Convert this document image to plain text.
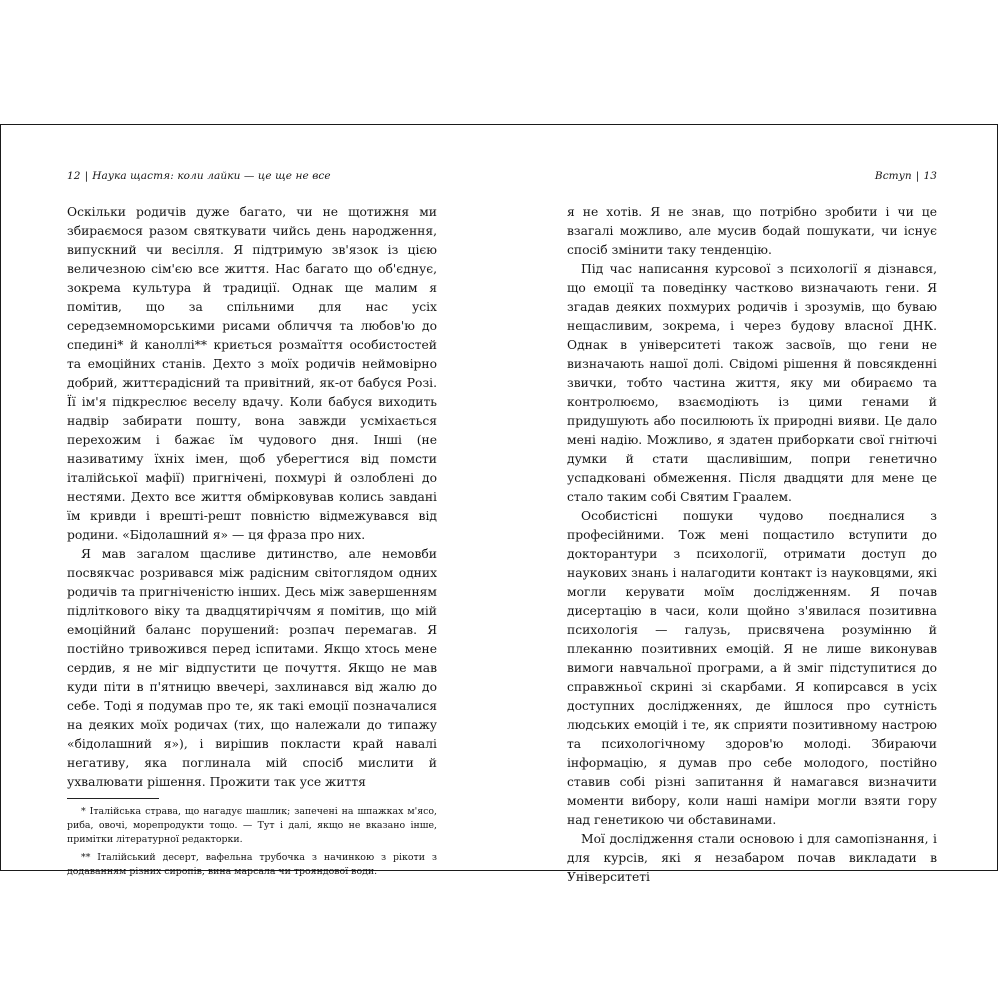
12 | Наука щастя: коли лайки — це ще не все

Оскільки родичів дуже багато, чи не щотижня ми збираємося разом святкувати чийсь день народження, випускний чи весілля. Я підтримую зв'язок із цією величезною сім'єю все життя. Нас багато що об'єднує, зокрема культура й традиції. Однак ще малим я помітив, що за спільними для нас усіх середземноморськими рисами обличчя та любов'ю до спедині* й каноллі** криється розмаїття особистостей та емоційних станів. Дехто з моїх родичів неймовірно добрий, життєрадісний та привітний, як-от бабуся Розі. Її ім'я підкреслює веселу вдачу. Коли бабуся виходить надвір забирати пошту, вона завжди усміхається перехожим і бажає їм чудового дня. Інші (не називатиму їхніх імен, щоб уберегтися від помсти італійської мафії) пригнічені, похмурі й озлоблені до нестями. Дехто все життя обмірковував колись завдані їм кривди і врешті-решт повністю відмежувався від родини. «Бідолашний я» — ця фраза про них.

Я мав загалом щасливе дитинство, але немовби посвякчас розривався між радісним світоглядом одних родичів та пригніченістю інших. Десь між завершенням підліткового віку та двадцятиріччям я помітив, що мій емоційний баланс порушений: розпач перемагав. Я постійно тривожився перед іспитами. Якщо хтось мене сердив, я не міг відпустити це почуття. Якщо не мав куди піти в п'ятницю ввечері, захлинався від жалю до себе. Тоді я подумав про те, як такі емоції позначалися на деяких моїх родичах (тих, що належали до типажу «бідолашний я»), і вирішив покласти край навалі негативу, яка поглинала мій спосіб мислити й ухвалювати рішення. Прожити так усе життя

* Італійська страва, що нагадує шашлик; запечені на шпажках м'ясо, риба, овочі, морепродукти тощо. — Тут і далі, якщо не вказано інше, примітки літературної редакторки.

** Італійський десерт, вафельна трубочка з начинкою з рікоти з додаванням різних сиропів, вина марсала чи трояндової води.

Вступ | 13

я не хотів. Я не знав, що потрібно зробити і чи це взагалі можливо, але мусив бодай пошукати, чи існує спосіб змінити таку тенденцію.

Під час написання курсової з психології я дізнався, що емоції та поведінку частково визначають гени. Я згадав деяких похмурих родичів і зрозумів, що буваю нещасливим, зокрема, і через будову власної ДНК. Однак в університеті також засвоїв, що гени не визначають нашої долі. Свідомі рішення й повсякденні звички, тобто частина життя, яку ми обираємо та контролюємо, взаємодіють із цими генами й придушують або посилюють їх природні вияви. Це дало мені надію. Можливо, я здатен приборкати свої гнітючі думки й стати щасливішим, попри генетично успадковані обмеження. Після двадцяти для мене це стало таким собі Святим Граалем.

Особистісні пошуки чудово поєдналися з професійними. Тож мені пощастило вступити до докторантури з психології, отримати доступ до наукових знань і налагодити контакт із науковцями, які могли керувати моїм дослідженням. Я почав дисертацію в часи, коли щойно з'явилася позитивна психологія — галузь, присвячена розумінню й плеканню позитивних емоцій. Я не лише виконував вимоги навчальної програми, а й зміг підступитися до справжньої скрині зі скарбами. Я копирсався в усіх доступних дослідженнях, де йшлося про сутність людських емоцій і те, як сприяти позитивному настрою та психологічному здоров'ю молоді. Збираючи інформацію, я думав про себе молодого, постійно ставив собі різні запитання й намагався визначити моменти вибору, коли наші наміри могли взяти гору над генетикою чи обставинами.

Мої дослідження стали основою і для самопізнання, і для курсів, які я незабаром почав викладати в Університеті
